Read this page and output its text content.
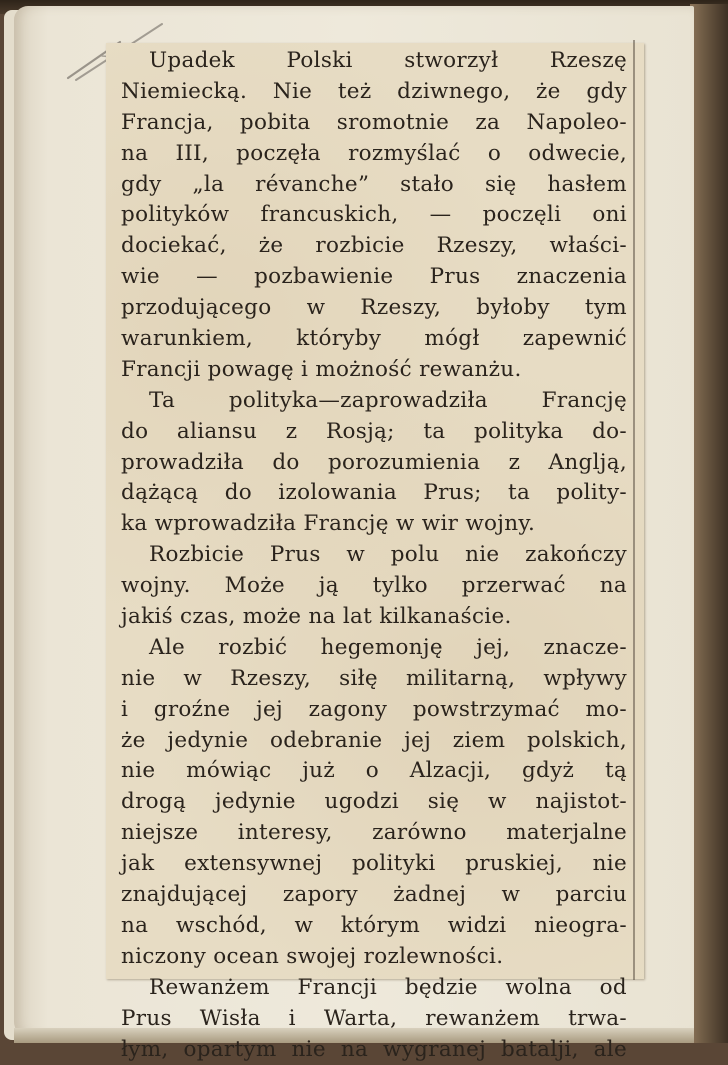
Upadek Polski stworzył Rzeszę
Niemiecką. Nie też dziwnego, że gdy
Francja, pobita sromotnie za Napoleo-
na III, poczęła rozmyślać o odwecie,
gdy „la révanche” stało się hasłem
polityków francuskich, — poczęli oni
dociekać, że rozbicie Rzeszy, właści-
wie — pozbawienie Prus znaczenia
przodującego w Rzeszy, byłoby tym
warunkiem, któryby mógł zapewnić
Francji powagę i możność rewanżu.
Ta polityka—zaprowadziła Francję
do aliansu z Rosją; ta polityka do-
prowadziła do porozumienia z Anglją,
dążącą do izolowania Prus; ta polity-
ka wprowadziła Francję w wir wojny.
Rozbicie Prus w polu nie zakończy
wojny. Może ją tylko przerwać na
jakiś czas, może na lat kilkanaście.
Ale rozbić hegemonję jej, znacze-
nie w Rzeszy, siłę militarną, wpływy
i groźne jej zagony powstrzymać mo-
że jedynie odebranie jej ziem polskich,
nie mówiąc już o Alzacji, gdyż tą
drogą jedynie ugodzi się w najistot-
niejsze interesy, zarówno materjalne
jak extensywnej polityki pruskiej, nie
znajdującej zapory żadnej w parciu
na wschód, w którym widzi nieogra-
niczony ocean swojej rozlewności.
Rewanżem Francji będzie wolna od
Prus Wisła i Warta, rewanżem trwa-
łym, opartym nie na wygranej batalji, ale
